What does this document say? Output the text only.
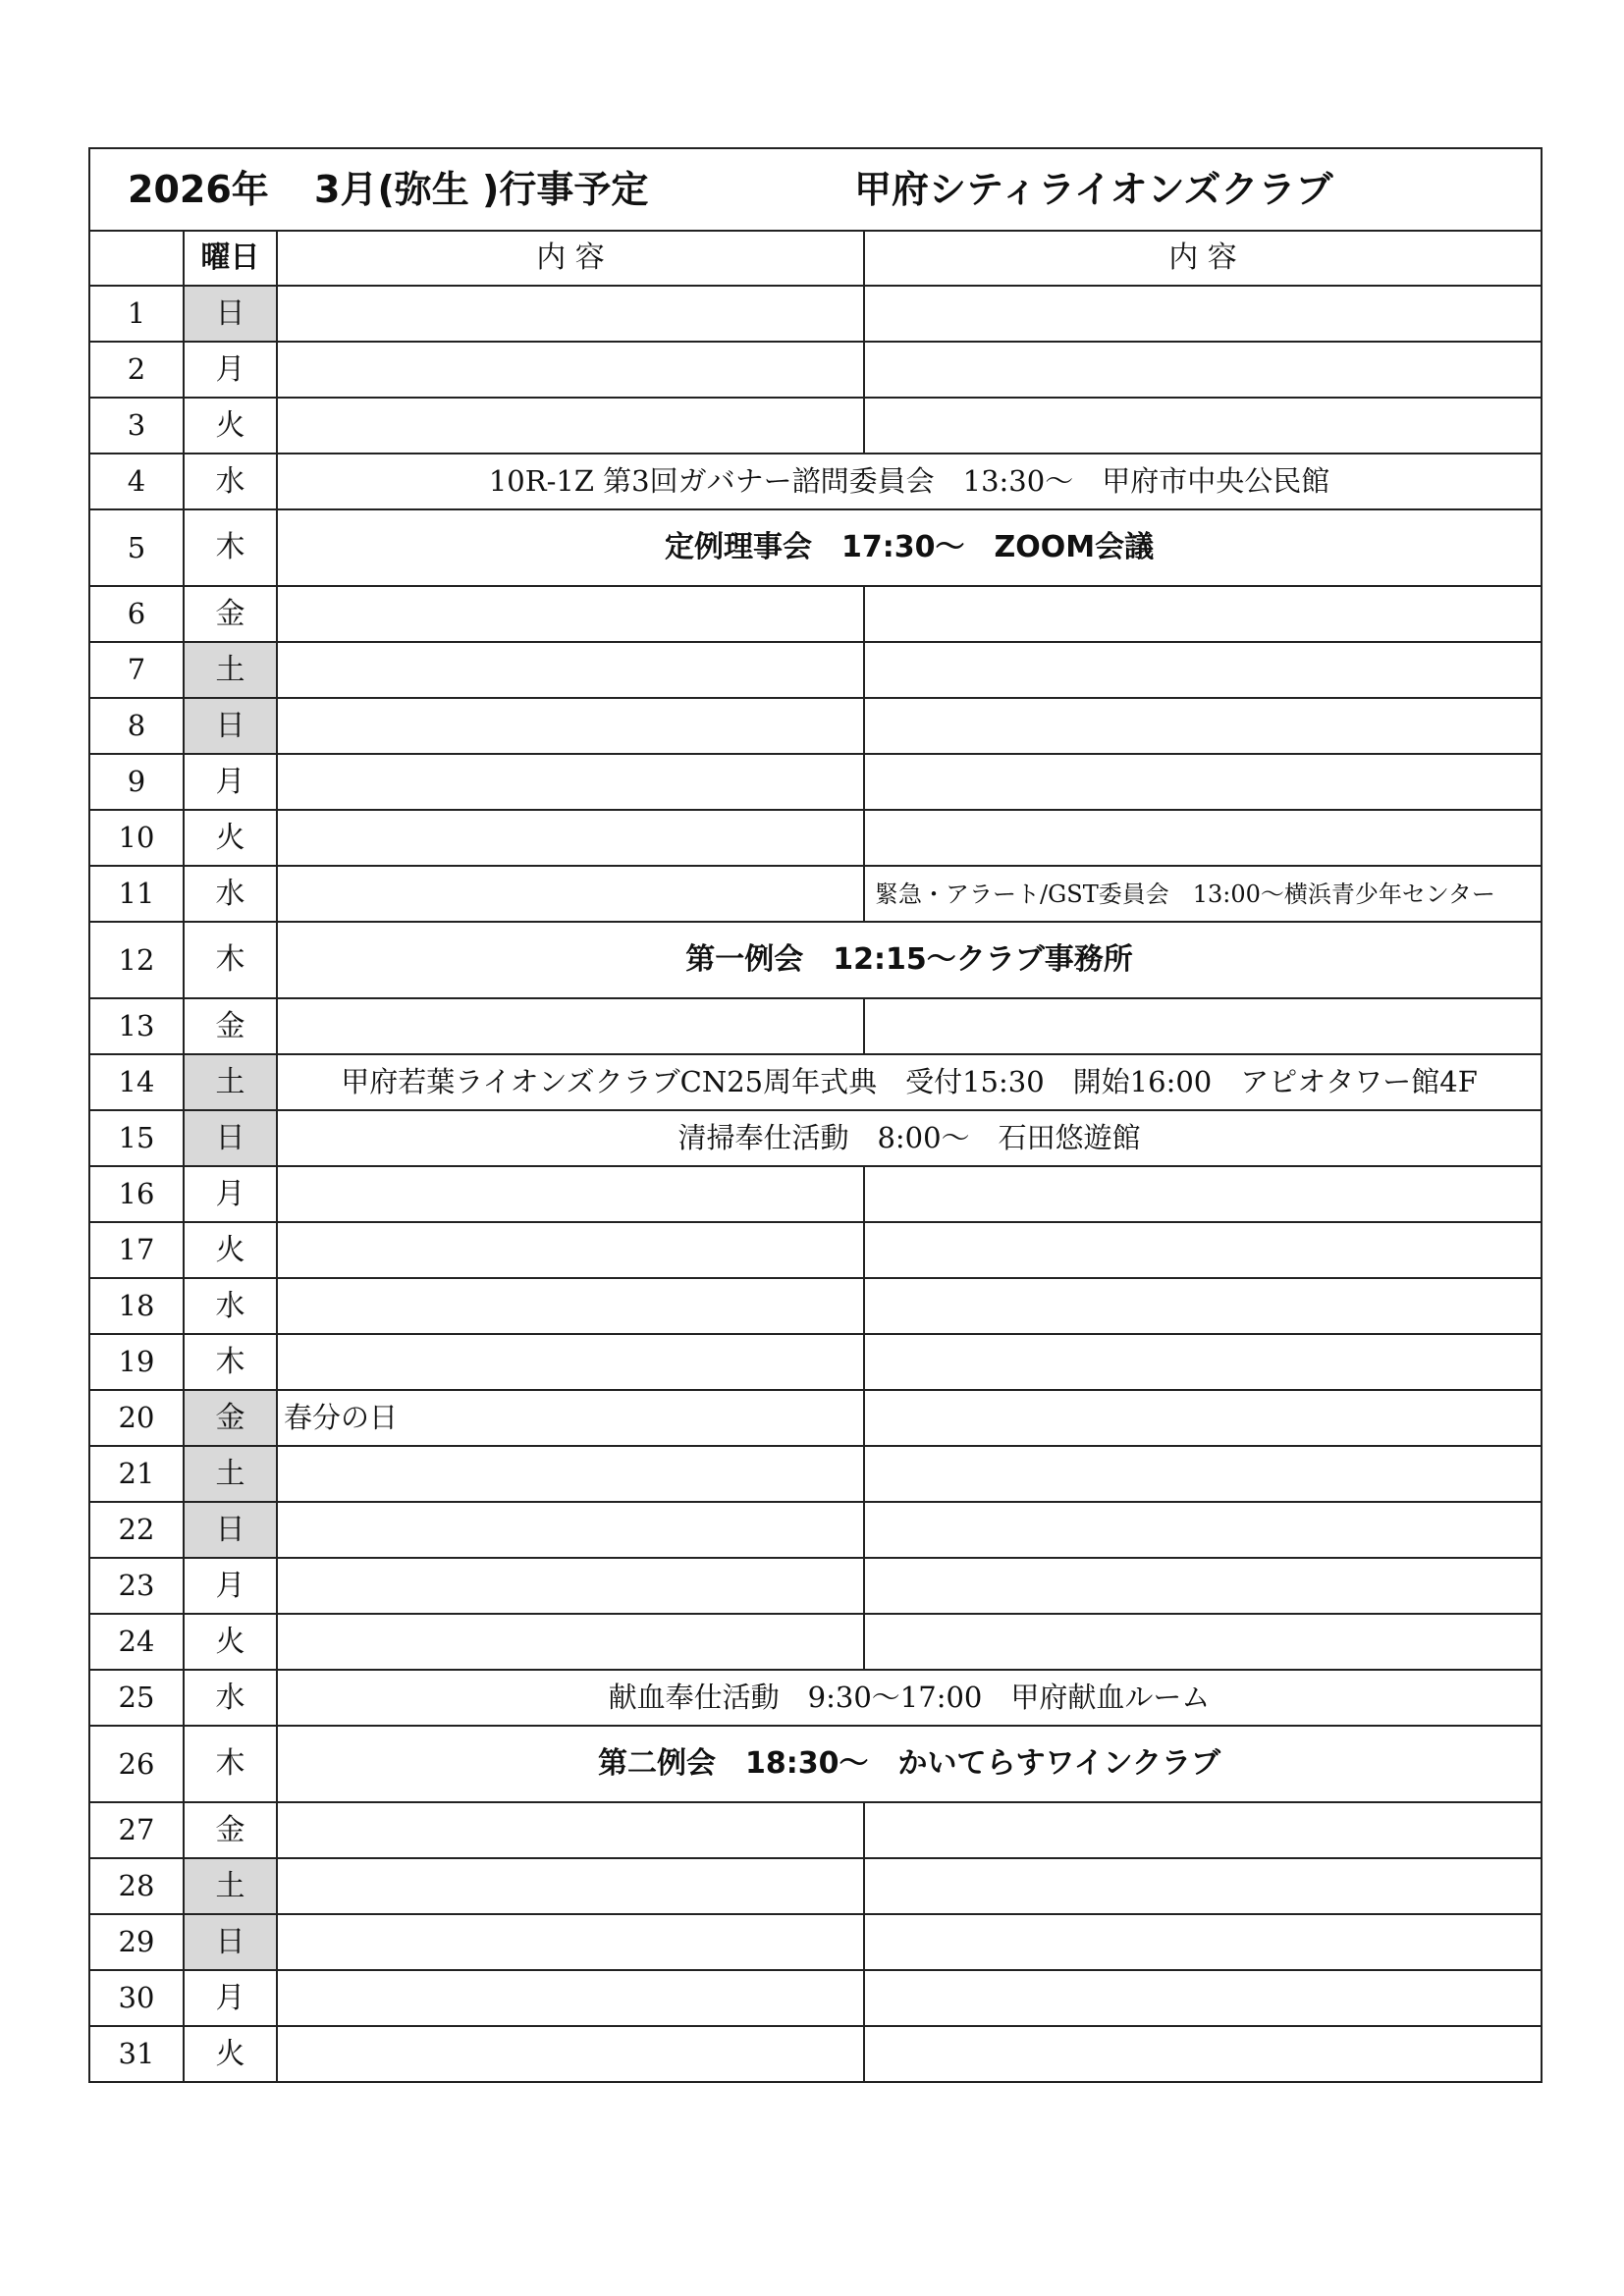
2026年 3月(弥生 )行事予定 甲府シティライオンズクラブ			
	曜日	内 容	内 容
1	日		
2	月		
3	火		
4	水	10R-1Z 第3回ガバナー諮問委員会　13:30～　甲府市中央公民館	
5	木	定例理事会　17:30～　ZOOM会議	
6	金		
7	土		
8	日		
9	月		
10	火		
11	水		緊急・アラート/GST委員会　13:00～横浜青少年センター
12	木	第一例会　12:15～クラブ事務所	
13	金		
14	土	甲府若葉ライオンズクラブCN25周年式典　受付15:30　開始16:00　アピオタワー館4F	
15	日	清掃奉仕活動　8:00～　石田悠遊館	
16	月		
17	火		
18	水		
19	木		
20	金	春分の日	
21	土		
22	日		
23	月		
24	火		
25	水	献血奉仕活動　9:30～17:00　甲府献血ルーム	
26	木	第二例会　18:30～　かいてらすワインクラブ	
27	金		
28	土		
29	日		
30	月		
31	火		
